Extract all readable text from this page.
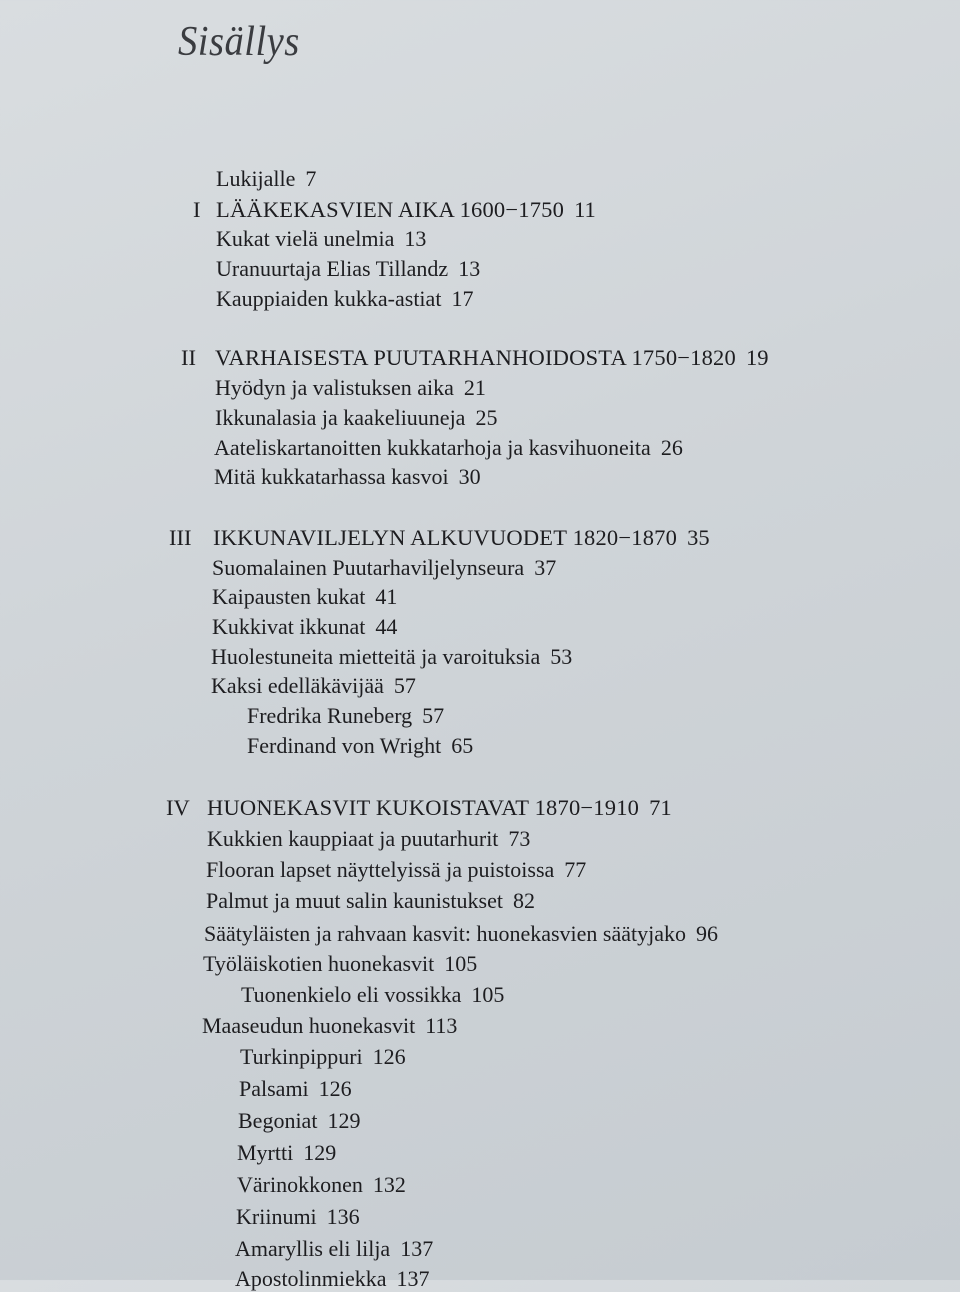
Sisällys
Lukijalle 7
I LÄÄKEKASVIEN AIKA 1600−1750 11
Kukat vielä unelmia 13
Uranuurtaja Elias Tillandz 13
Kauppiaiden kukka-astiat 17
II VARHAISESTA PUUTARHANHOIDOSTA 1750−1820 19
Hyödyn ja valistuksen aika 21
Ikkunalasia ja kaakeliuuneja 25
Aateliskartanoitten kukkatarhoja ja kasvihuoneita 26
Mitä kukkatarhassa kasvoi 30
III IKKUNAVILJELYN ALKUVUODET 1820−1870 35
Suomalainen Puutarhaviljelynseura 37
Kaipausten kukat 41
Kukkivat ikkunat 44
Huolestuneita mietteitä ja varoituksia 53
Kaksi edelläkävijää 57
Fredrika Runeberg 57
Ferdinand von Wright 65
IV HUONEKASVIT KUKOISTAVAT 1870−1910 71
Kukkien kauppiaat ja puutarhurit 73
Flooran lapset näyttelyissä ja puistoissa 77
Palmut ja muut salin kaunistukset 82
Säätyläisten ja rahvaan kasvit: huonekasvien säätyjako 96
Työläiskotien huonekasvit 105
Tuonenkielo eli vossikka 105
Maaseudun huonekasvit 113
Turkinpippuri 126
Palsami 126
Begoniat 129
Myrtti 129
Värinokkonen 132
Kriinumi 136
Amaryllis eli lilja 137
Apostolinmiekka 137
